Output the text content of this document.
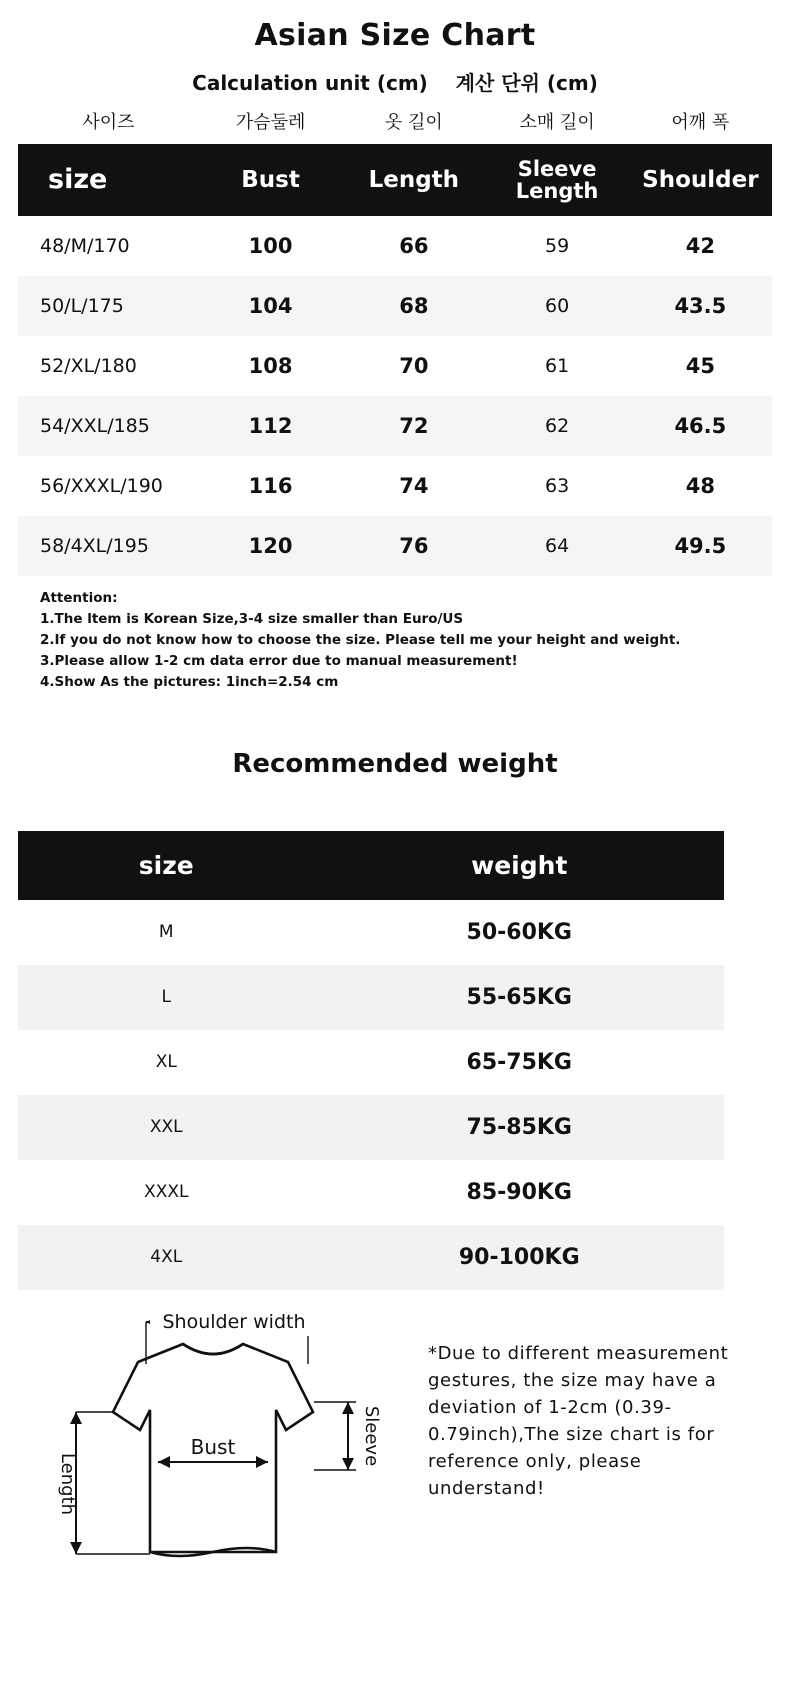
Asian Size Chart
Calculation unit (cm) 계산 단위 (cm)
사이즈	가슴둘레	옷 길이	소매 길이	어깨 폭
size	Bust	Length	Sleeve Length	Shoulder
48/M/170	100	66	59	42
50/L/175	104	68	60	43.5
52/XL/180	108	70	61	45
54/XXL/185	112	72	62	46.5
56/XXXL/190	116	74	63	48
58/4XL/195	120	76	64	49.5
Attention:
1.The ltem is Korean Size,3-4 size smaller than Euro/US
2.If you do not know how to choose the size. Please tell me your height and weight.
3.Please allow 1-2 cm data error due to manual measurement!
4.Show As the pictures: 1inch=2.54 cm
Recommended weight
size	weight
M	50-60KG
L	55-65KG
XL	65-75KG
XXL	75-85KG
XXXL	85-90KG
4XL	90-100KG
Shoulder width
Bust	Sleeve
Length
*Due to different measurement gestures, the size may have a deviation of 1-2cm (0.39-0.79inch),The size chart is for reference only, please understand!
